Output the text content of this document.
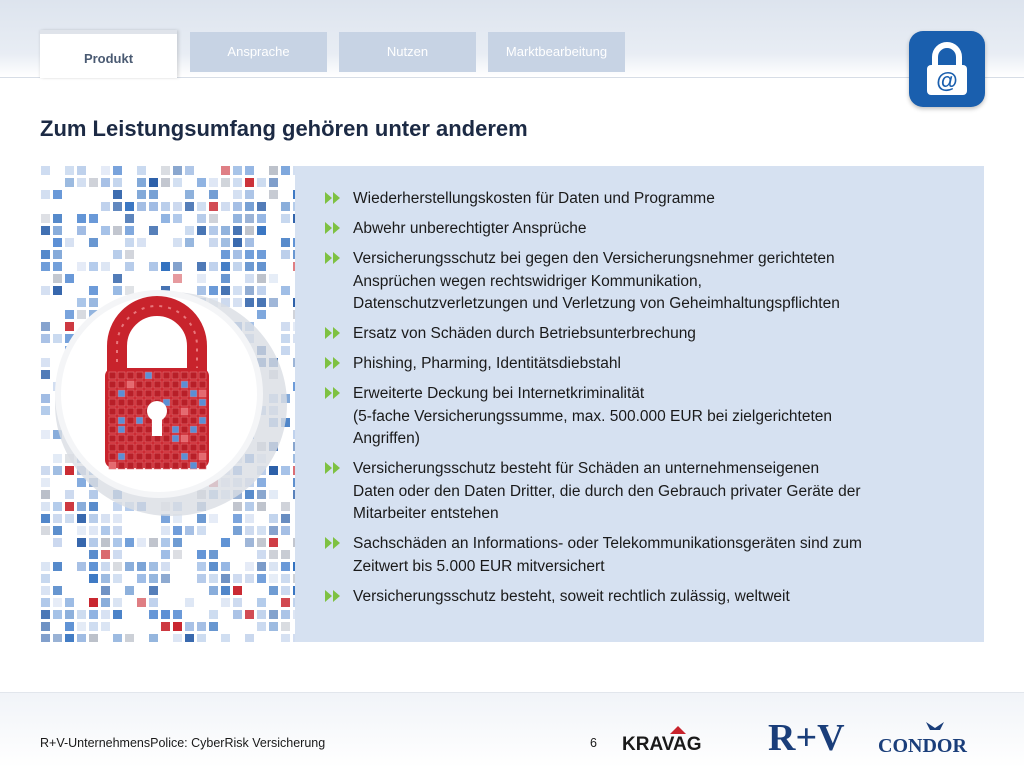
Produkt	Ansprache	Nutzen	Marktbearbeitung
@
Zum Leistungsumfang gehören unter anderem
Wiederherstellungskosten für Daten und Programme
Abwehr unberechtigter Ansprüche
Versicherungsschutz bei gegen den Versicherungsnehmer gerichteten
Ansprüchen wegen rechtswidriger Kommunikation,
Datenschutzverletzungen und Verletzung von Geheimhaltungspflichten
Ersatz von Schäden durch Betriebsunterbrechung
Phishing, Pharming, Identitätsdiebstahl
Erweiterte Deckung bei Internetkriminalität
(5-fache Versicherungssumme, max. 500.000 EUR bei zielgerichteten
Angriffen)
Versicherungsschutz besteht für Schäden an unternehmenseigenen
Daten oder den Daten Dritter, die durch den Gebrauch privater Geräte der
Mitarbeiter entstehen
Sachschäden an Informations- oder Telekommunikationsgeräten sind zum
Zeitwert bis 5.000 EUR mitversichert
Versicherungsschutz besteht, soweit rechtlich zulässig, weltweit
R+V-UnternehmensPolice: CyberRisk Versicherung	6 KRAVAG R+V CONDOR
